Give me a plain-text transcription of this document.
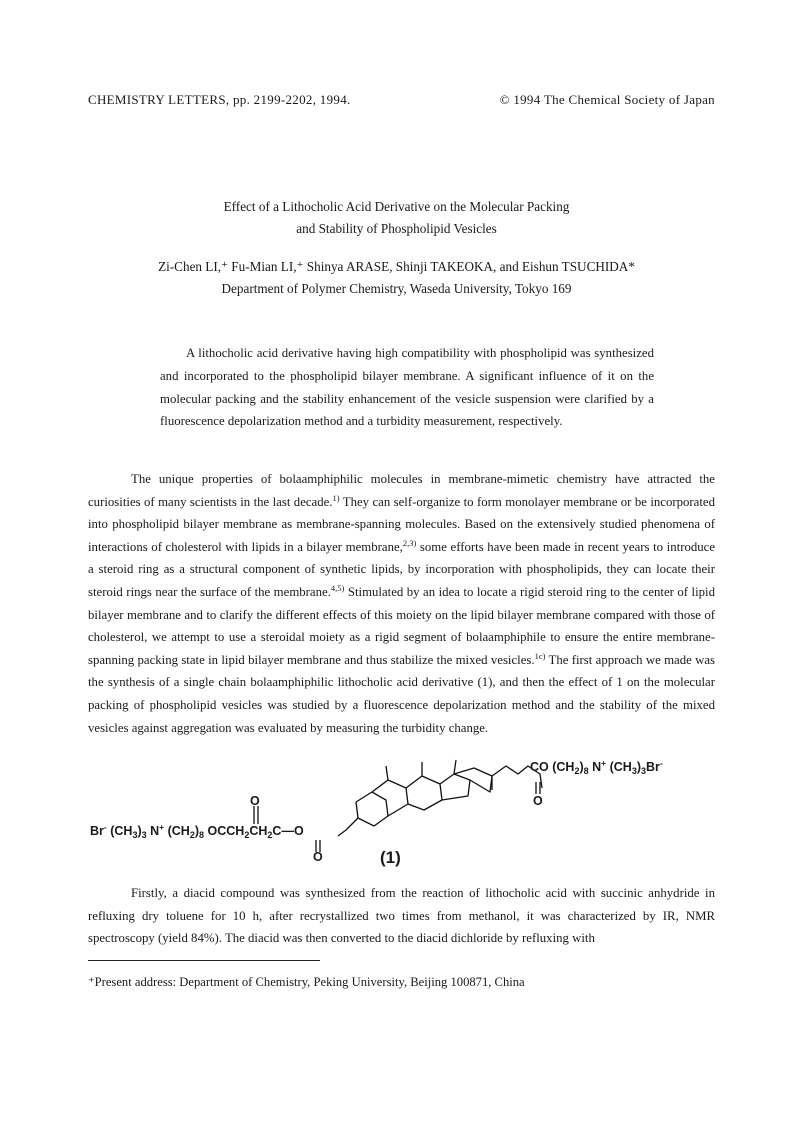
CHEMISTRY LETTERS, pp. 2199-2202, 1994.	© 1994 The Chemical Society of Japan
Effect of a Lithocholic Acid Derivative on the Molecular Packing
and Stability of Phospholipid Vesicles
Zi-Chen LI,⁺ Fu-Mian LI,⁺ Shinya ARASE, Shinji TAKEOKA, and Eishun TSUCHIDA*
Department of Polymer Chemistry, Waseda University, Tokyo 169

A lithocholic acid derivative having high compatibility with phospholipid was synthesized and incorporated to the phospholipid bilayer membrane. A significant influence of it on the molecular packing and the stability enhancement of the vesicle suspension were clarified by a fluorescence depolarization method and a turbidity measurement, respectively.

The unique properties of bolaamphiphilic molecules in membrane-mimetic chemistry have attracted the curiosities of many scientists in the last decade.$^{1)}$ They can self-organize to form monolayer membrane or be incorporated into phospholipid bilayer membrane as membrane-spanning molecules. Based on the extensively studied phenomena of interactions of cholesterol with lipids in a bilayer membrane,$^{2,3)}$ some efforts have been made in recent years to introduce a steroid ring as a structural component of synthetic lipids, by incorporation with phospholipids, they can locate their steroid rings near the surface of the membrane.$^{4,5)}$ Stimulated by an idea to locate a rigid steroid ring to the center of lipid bilayer membrane and to clarify the different effects of this moiety on the lipid bilayer membrane compared with those of cholesterol, we attempt to use a steroidal moiety as a rigid segment of bolaamphiphile to ensure the entire membrane-spanning packing state in lipid bilayer membrane and thus stabilize the mixed vesicles.$^{1c)}$ The first approach we made was the synthesis of a single chain bolaamphiphilic lithocholic acid derivative (1), and then the effect of 1 on the molecular packing of phospholipid vesicles was studied by a fluorescence depolarization method and the stability of the mixed vesicles against aggregation was evaluated by measuring the turbidity change.

CO $(CH_2)_8$ N+ $(CH_3)_3Br^-$
O
O
Br- $(CH_3)_3$ N+ $(CH_2)_8$ $OCCH_2CH_2C—O$
O	(1)

Firstly, a diacid compound was synthesized from the reaction of lithocholic acid with succinic anhydride in refluxing dry toluene for 10 h, after recrystallized two times from methanol, it was characterized by IR, NMR spectroscopy (yield 84%). The diacid was then converted to the diacid dichloride by refluxing with

⁺Present address: Department of Chemistry, Peking University, Beijing 100871, China
